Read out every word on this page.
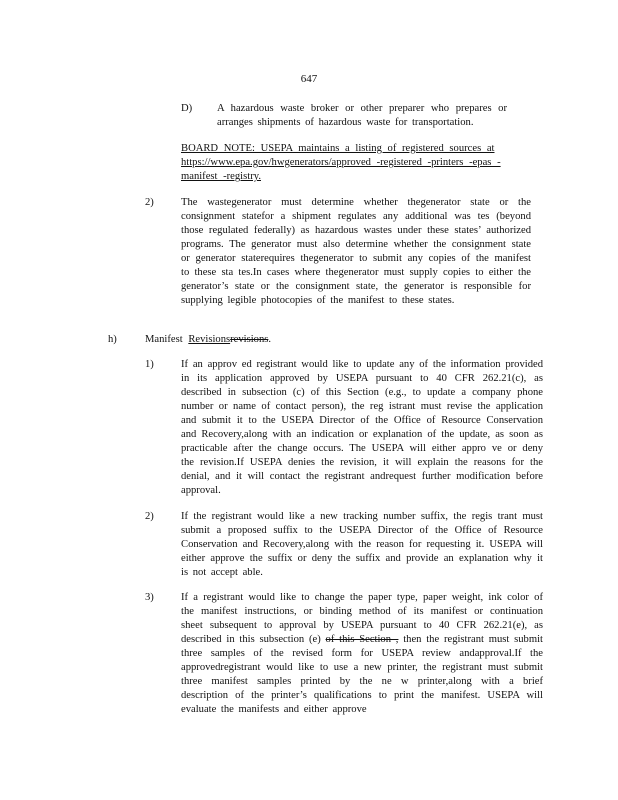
647
D) A hazardous waste broker or other preparer who prepares or arranges shipments of hazardous waste for transportation.
BOARD NOTE: USEPA maintains a listing of registered sources at
https://www.epa.gov/hwgenerators/approved -registered -printers -epas -
manifest -registry.
2)	The wastegenerator must determine whether thegenerator state or the consignment statefor a shipment regulates any additional was tes (beyond those regulated federally) as hazardous wastes under these states’ authorized programs. The generator must also determine whether the consignment state or generator staterequires thegenerator to submit any copies of the manifest to these sta tes.In cases where thegenerator must supply copies to either the generator’s state or the consignment state, the generator is responsible for supplying legible photocopies of the manifest to these states.
h)	Manifest Revisionsrevisions.
1)	If an approv ed registrant would like to update any of the information provided in its application approved by USEPA pursuant to 40 CFR 262.21(c), as described in subsection (c) of this Section (e.g., to update a company phone number or name of contact person), the reg istrant must revise the application and submit it to the USEPA Director of the Office of Resource Conservation and Recovery,along with an indication or explanation of the update, as soon as practicable after the change occurs. The USEPA will either appro ve or deny the revision.If USEPA denies the revision, it will explain the reasons for the denial, and it will contact the registrant andrequest further modification before approval.
2)	If the registrant would like a new tracking number suffix, the regis trant must submit a proposed suffix to the USEPA Director of the Office of Resource Conservation and Recovery,along with the reason for requesting it. USEPA will either approve the suffix or deny the suffix and provide an explanation why it is not accept able.
3)	If a registrant would like to change the paper type, paper weight, ink color of the manifest instructions, or binding method of its manifest or continuation sheet subsequent to approval by USEPA pursuant to 40 CFR 262.21(e), as described in this subsection (e) of this Section , then the registrant must submit three samples of the revised form for USEPA review andapproval.If the approvedregistrant would like to use a new printer, the registrant must submit three manifest samples printed by the ne w printer,along with a brief description of the printer’s qualifications to print the manifest. USEPA will evaluate the manifests and either approve
